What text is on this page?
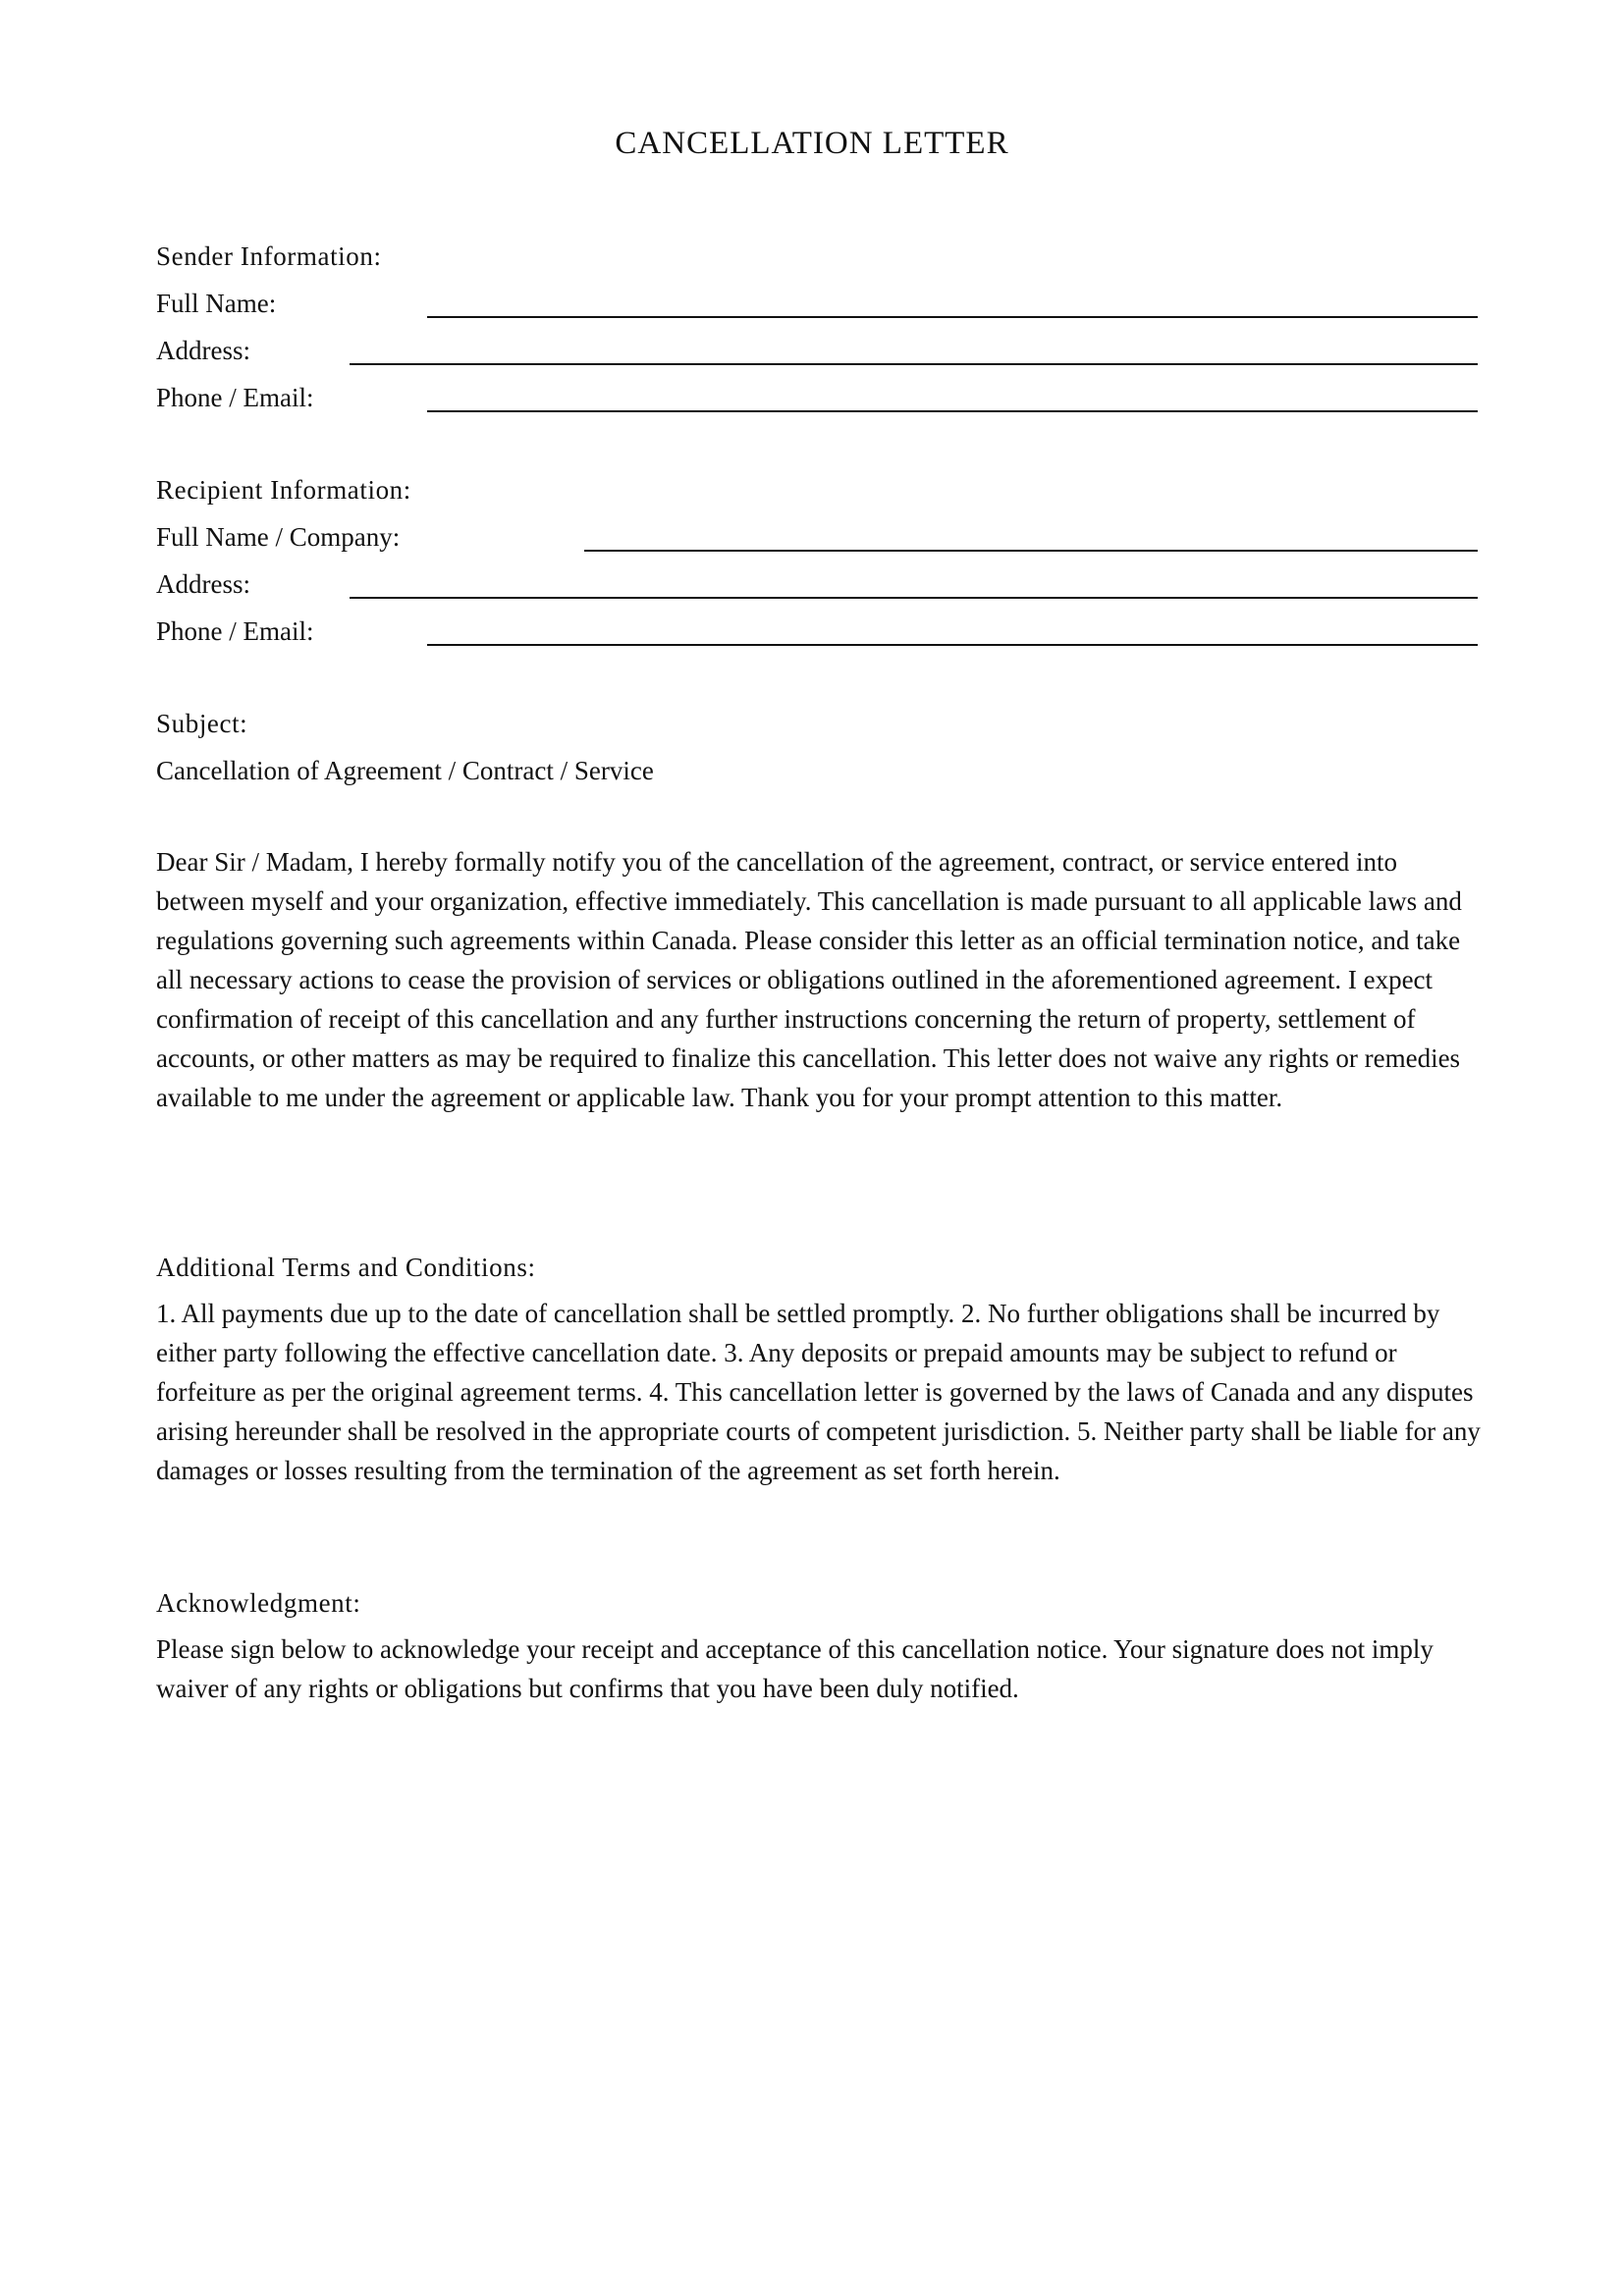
CANCELLATION LETTER
Sender Information:
Full Name:
Address:
Phone / Email:
Recipient Information:
Full Name / Company:
Address:
Phone / Email:
Subject:
Cancellation of Agreement / Contract / Service
Dear Sir / Madam, I hereby formally notify you of the cancellation of the agreement, contract, or service entered into between myself and your organization, effective immediately. This cancellation is made pursuant to all applicable laws and regulations governing such agreements within Canada. Please consider this letter as an official termination notice, and take all necessary actions to cease the provision of services or obligations outlined in the aforementioned agreement. I expect confirmation of receipt of this cancellation and any further instructions concerning the return of property, settlement of accounts, or other matters as may be required to finalize this cancellation. This letter does not waive any rights or remedies available to me under the agreement or applicable law. Thank you for your prompt attention to this matter.
Additional Terms and Conditions:
1. All payments due up to the date of cancellation shall be settled promptly. 2. No further obligations shall be incurred by either party following the effective cancellation date. 3. Any deposits or prepaid amounts may be subject to refund or forfeiture as per the original agreement terms. 4. This cancellation letter is governed by the laws of Canada and any disputes arising hereunder shall be resolved in the appropriate courts of competent jurisdiction. 5. Neither party shall be liable for any damages or losses resulting from the termination of the agreement as set forth herein.
Acknowledgment:
Please sign below to acknowledge your receipt and acceptance of this cancellation notice. Your signature does not imply waiver of any rights or obligations but confirms that you have been duly notified.
